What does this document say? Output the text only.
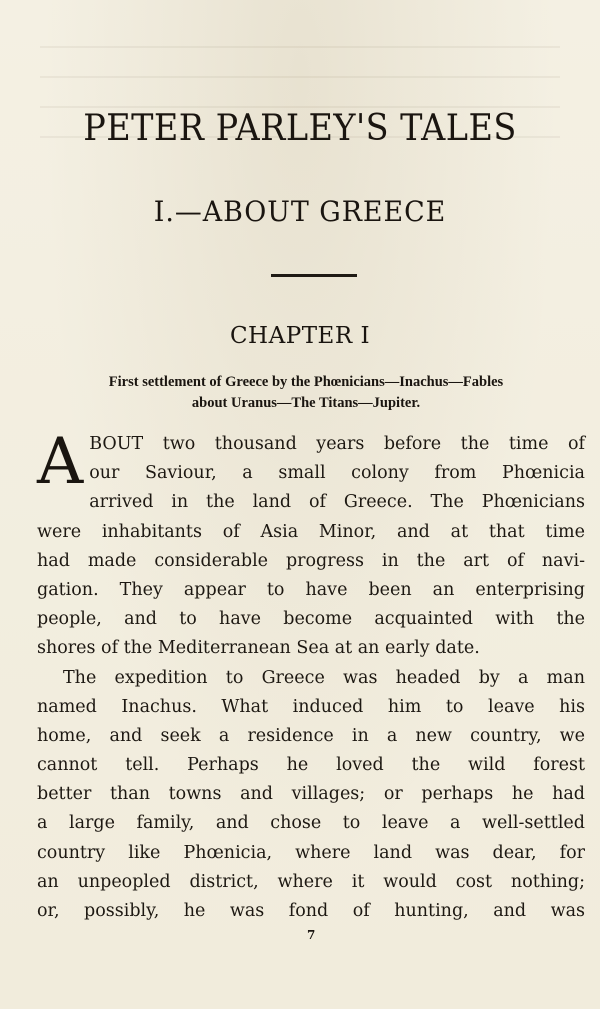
PETER PARLEY'S TALES
I.—ABOUT GREECE
CHAPTER I
First settlement of Greece by the Phœnicians—Inachus—Fables
about Uranus—The Titans—Jupiter.
A BOUT two thousand years before the time of
our Saviour, a small colony from Phœnicia
arrived in the land of Greece. The Phœnicians
were inhabitants of Asia Minor, and at that time
had made considerable progress in the art of navi-
gation. They appear to have been an enterprising
people, and to have become acquainted with the
shores of the Mediterranean Sea at an early date.
The expedition to Greece was headed by a man
named Inachus. What induced him to leave his
home, and seek a residence in a new country, we
cannot tell. Perhaps he loved the wild forest
better than towns and villages; or perhaps he had
a large family, and chose to leave a well-settled
country like Phœnicia, where land was dear, for
an unpeopled district, where it would cost nothing;
or, possibly, he was fond of hunting, and was
7
